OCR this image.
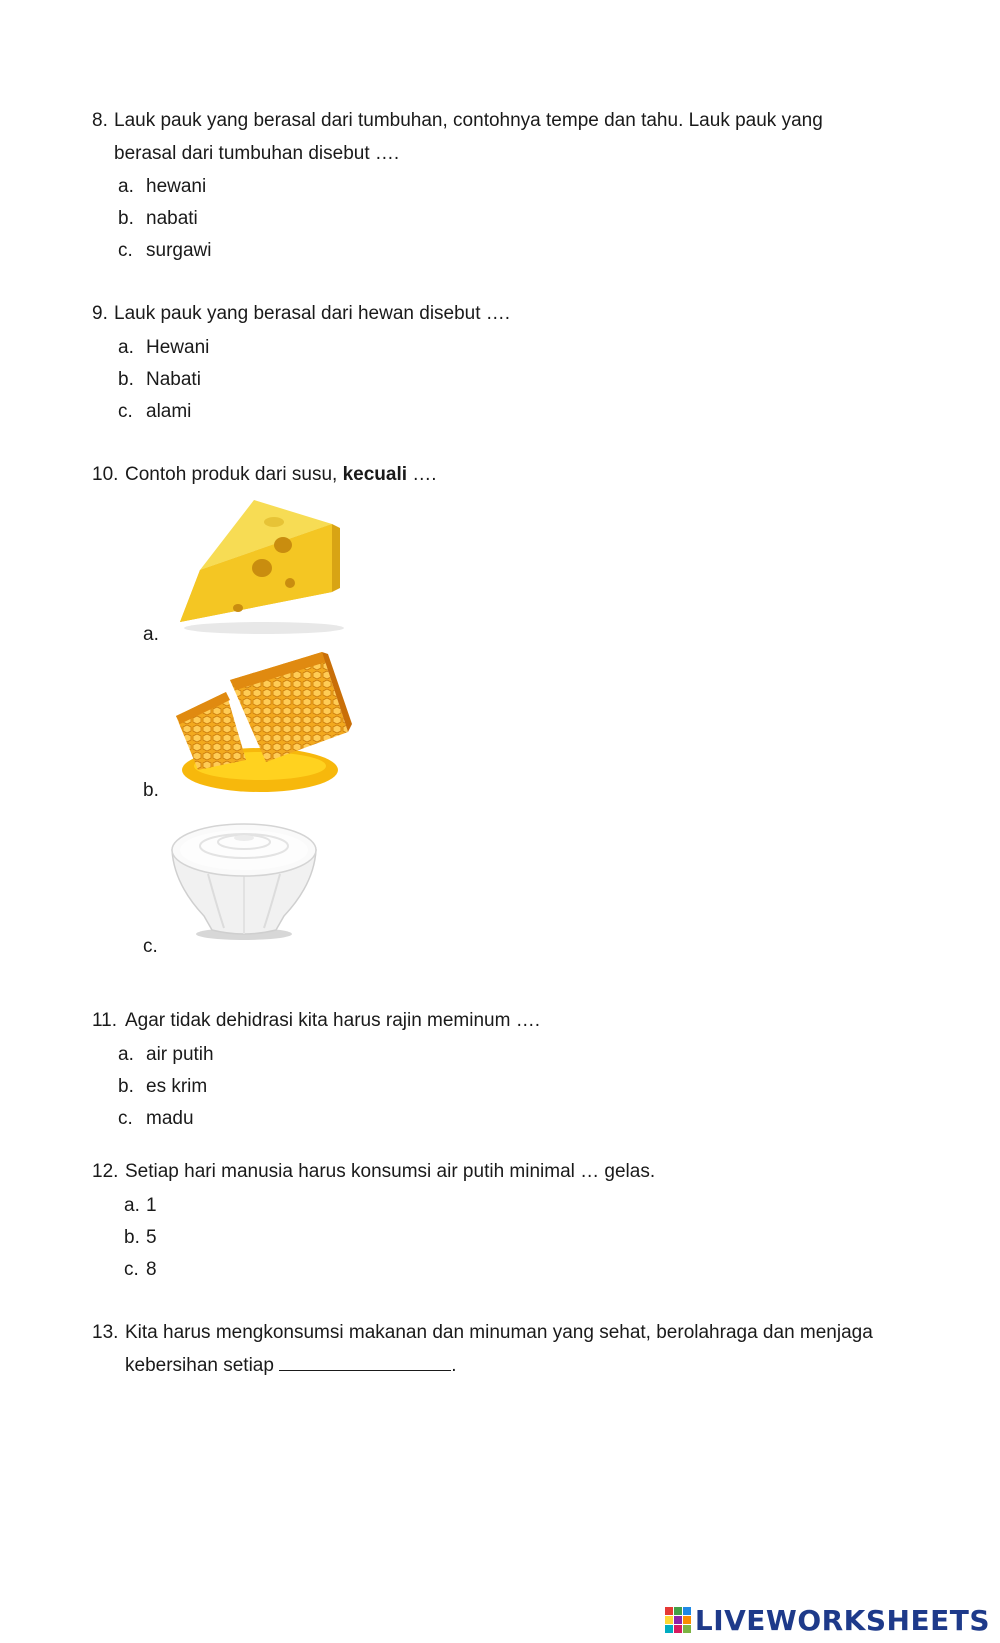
8. Lauk pauk yang berasal dari tumbuhan, contohnya tempe dan tahu. Lauk pauk yang
berasal dari tumbuhan disebut ….
a. hewani
b. nabati
c. surgawi
9. Lauk pauk yang berasal dari hewan disebut ….
a. Hewani
b. Nabati
c. alami
10. Contoh produk dari susu, kecuali ….
a.
b.
c.
11. Agar tidak dehidrasi kita harus rajin meminum ….
a. air putih
b. es krim
c. madu
12. Setiap hari manusia harus konsumsi air putih minimal … gelas.
a. 1
b. 5
c. 8
13. Kita harus mengkonsumsi makanan dan minuman yang sehat, berolahraga dan menjaga
kebersihan setiap	.
LIVEWORKSHEETS
